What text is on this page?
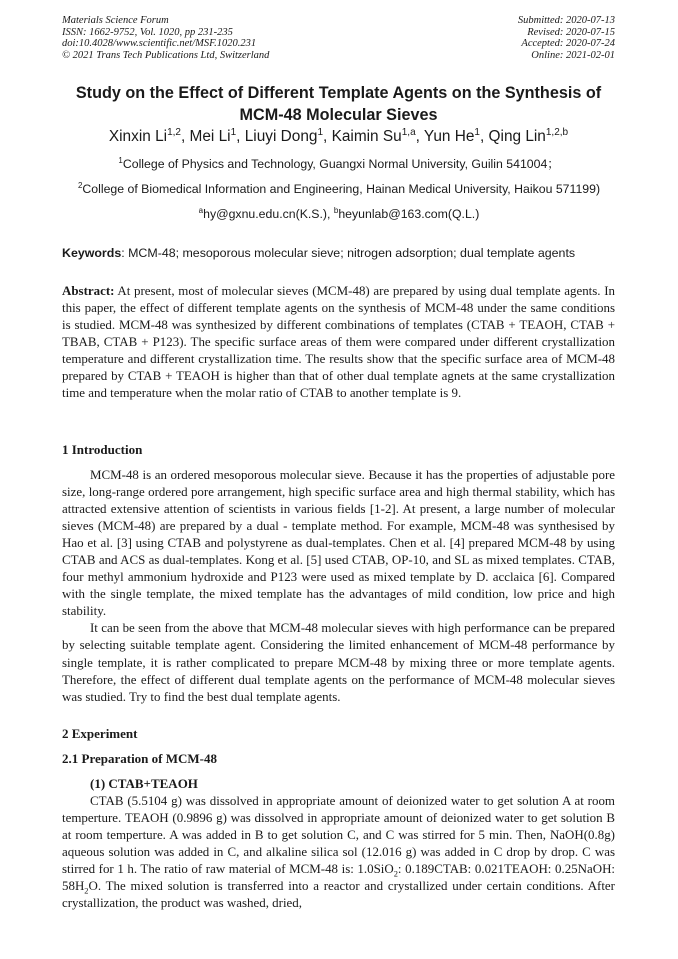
Materials Science Forum
ISSN: 1662-9752, Vol. 1020, pp 231-235
doi:10.4028/www.scientific.net/MSF.1020.231
© 2021 Trans Tech Publications Ltd, Switzerland
Submitted: 2020-07-13
Revised: 2020-07-15
Accepted: 2020-07-24
Online: 2021-02-01
Study on the Effect of Different Template Agents on the Synthesis of MCM-48 Molecular Sieves
Xinxin Li$^{1,2}$, Mei Li$^1$, Liuyi Dong$^1$, Kaimin Su$^{1,a}$, Yun He$^1$, Qing Lin$^{1,2,b}$
$^1$College of Physics and Technology, Guangxi Normal University, Guilin 541004；
$^2$College of Biomedical Information and Engineering, Hainan Medical University, Haikou 571199)
$^a$hy@gxnu.edu.cn(K.S.), $^b$heyunlab@163.com(Q.L.)
Keywords: MCM-48; mesoporous molecular sieve; nitrogen adsorption; dual template agents

Abstract: At present, most of molecular sieves (MCM-48) are prepared by using dual template agents. In this paper, the effect of different template agents on the synthesis of MCM-48 under the same conditions is studied. MCM-48 was synthesized by different combinations of templates (CTAB + TEAOH, CTAB + TBAB, CTAB + P123). The specific surface areas of them were compared under different crystallization temperature and different crystallization time. The results show that the specific surface area of MCM-48 prepared by CTAB + TEAOH is higher than that of other dual template agnets at the same crystallization time and temperature when the molar ratio of CTAB to another template is 9.

1 Introduction

MCM-48 is an ordered mesoporous molecular sieve. Because it has the properties of adjustable pore size, long-range ordered pore arrangement, high specific surface area and high thermal stability, which has attracted extensive attention of scientists in various fields [1-2]. At present, a large number of molecular sieves (MCM-48) are prepared by a dual - template method. For example, MCM-48 was synthesised by Hao et al. [3] using CTAB and polystyrene as dual-templates. Chen et al. [4] prepared MCM-48 by using CTAB and ACS as dual-templates. Kong et al. [5] used CTAB, OP-10, and SL as mixed templates. CTAB, four methyl ammonium hydroxide and P123 were used as mixed template by D. acclaica [6]. Compared with the single template, the mixed template has the advantages of mild condition, low price and high stability.

It can be seen from the above that MCM-48 molecular sieves with high performance can be prepared by selecting suitable template agent. Considering the limited enhancement of MCM-48 performance by single template, it is rather complicated to prepare MCM-48 by mixing three or more template agents. Therefore, the effect of different dual template agents on the performance of MCM-48 molecular sieves was studied. Try to find the best dual template agents.

2 Experiment
2.1 Preparation of MCM-48
(1) CTAB+TEAOH

CTAB (5.5104 g) was dissolved in appropriate amount of deionized water to get solution A at room temperture. TEAOH (0.9896 g) was dissolved in appropriate amount of deionized water to get solution B at room temperture. A was added in B to get solution C, and C was stirred for 5 min. Then, NaOH(0.8g) aqueous solution was added in C, and alkaline silica sol (12.016 g) was added in C drop by drop. C was stirred for 1 h. The ratio of raw material of MCM-48 is: 1.0SiO$_2$: 0.189CTAB: 0.021TEAOH: 0.25NaOH: $58H_2O$. The mixed solution is transferred into a reactor and crystallized under certain conditions. After crystallization, the product was washed, dried,
